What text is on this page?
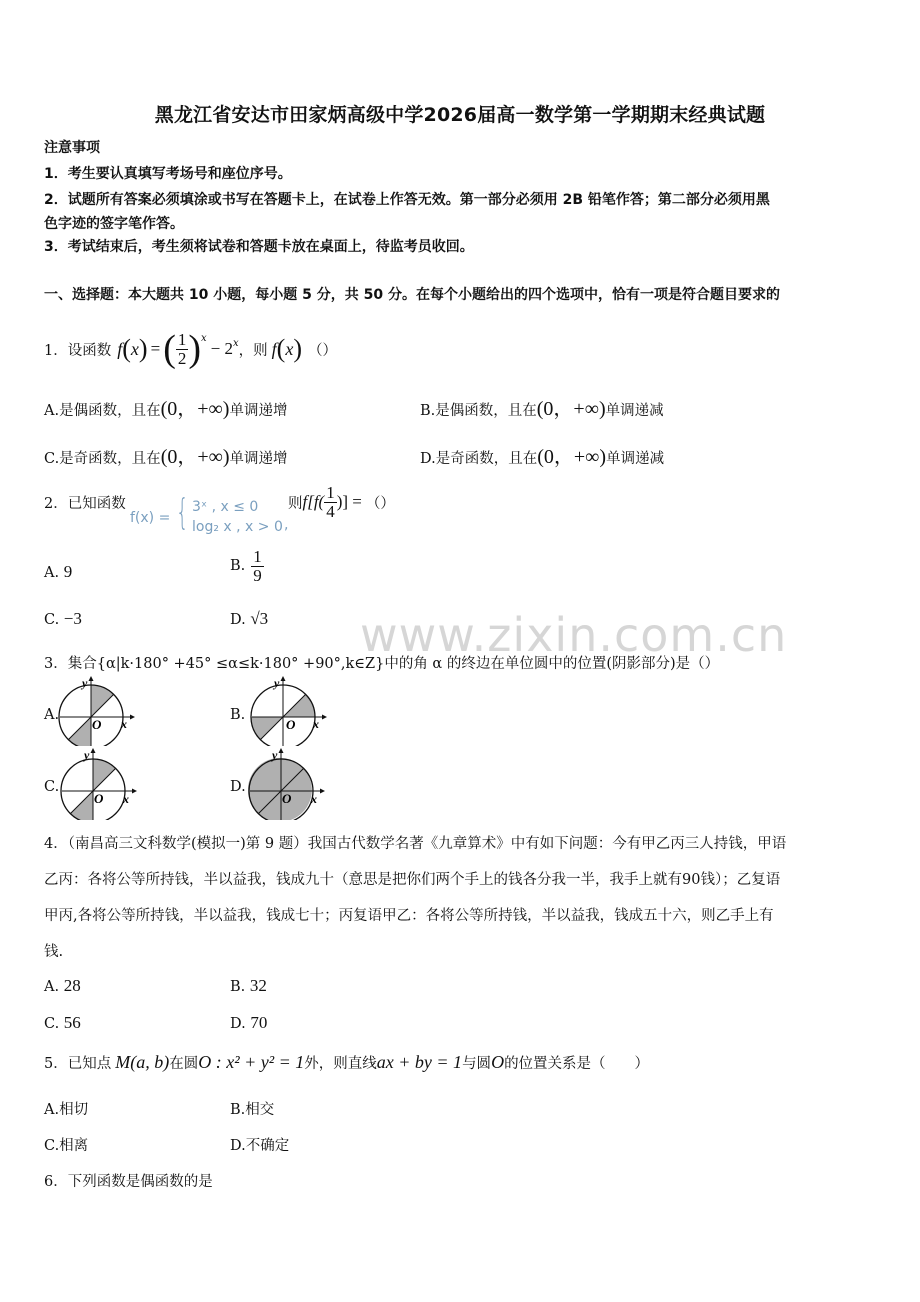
黑龙江省安达市田家炳高级中学2026届高一数学第一学期期末经典试题
注意事项
1．考生要认真填写考场号和座位序号。
2．试题所有答案必须填涂或书写在答题卡上，在试卷上作答无效。第一部分必须用 2B 铅笔作答；第二部分必须用黑
色字迹的签字笔作答。
3．考试结束后，考生须将试卷和答题卡放在桌面上，待监考员收回。
一、选择题：本大题共 10 小题，每小题 5 分，共 50 分。在每个小题给出的四个选项中，恰有一项是符合题目要求的
1．设函数 f ( x ) = ( $\frac{1}{2}$ ) x
− 2 x ，则 f ( x ) （）
A.是偶函数，且在(0，+∞)单调递增	B.是偶函数，且在(0，+∞)单调递减
C.是奇函数，且在(0，+∞)单调递增	D.是奇函数，且在(0，+∞)单调递减
2．已知函数
f(x) = { 3ˣ , x ≤ 0
log₂ x , x > 0 ,
则 $f[f( \frac{1}{4}$ )] = （）
A. 9	B. $\frac{1}{9}$
C. −3	D. √3 www.zixin.com.cn
3．集合{α|k·180° +45° ≤α≤k·180° +90°,k∈Z}中的角 α 的终边在单位圆中的位置(阴影部分)是（）
A.
y
x
O
B.
y
x
O
C.
y
x
O
D.
y
x
O
4．（南昌高三文科数学(模拟一)第 9 题）我国古代数学名著《九章算术》中有如下问题：今有甲乙丙三人持钱，甲语
乙丙：各将公等所持钱，半以益我，钱成九十（意思是把你们两个手上的钱各分我一半，我手上就有90钱）；乙复语
甲丙,各将公等所持钱，半以益我，钱成七十；丙复语甲乙：各将公等所持钱，半以益我，钱成五十六，则乙手上有
钱.
A. 28	B. 32
C. 56	D. 70
5．已知点 M(a, b) 在圆 O : x² + y² = 1 外，则直线 ax + by = 1 与圆 O 的位置关系是（　　）
A.相切	B.相交
C.相离	D.不确定
6．下列函数是偶函数的是
